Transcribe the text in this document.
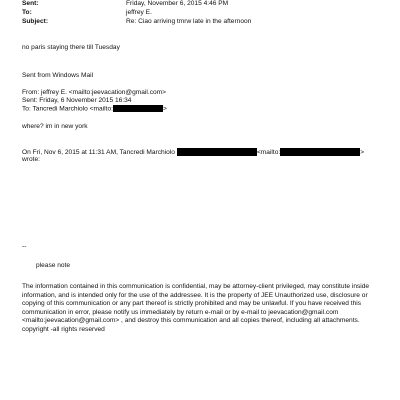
Sent:	Friday, November 6, 2015 4:46 PM
To:	jeffrey E.
Subject:	Re: Ciao arriving tmrw late in the afternoon
no paris staying there till Tuesday
Sent from Windows Mail
From: jeffrey E. <mailto:jeevacation@gmail.com>
Sent: Friday, 6 November 2015 16:34
To: Tancredi Marchiolo <mailto:	>
where? im in new york
On Fri, Nov 6, 2015 at 11:31 AM, Tancredi Marchiolo	<mailto:	>
wrote:
--
please note
The information contained in this communication is confidential, may be attorney-client privileged, may constitute inside information, and is intended only for the use of the addressee. It is the property of JEE Unauthorized use, disclosure or copying of this communication or any part thereof is strictly prohibited and may be unlawful. If you have received this communication in error, please notify us immediately by return e-mail or by e-mail to jeevacation@gmail.com <mailto:jeevacation@gmail.com> , and destroy this communication and all copies thereof, including all attachments. copyright -all rights reserved
